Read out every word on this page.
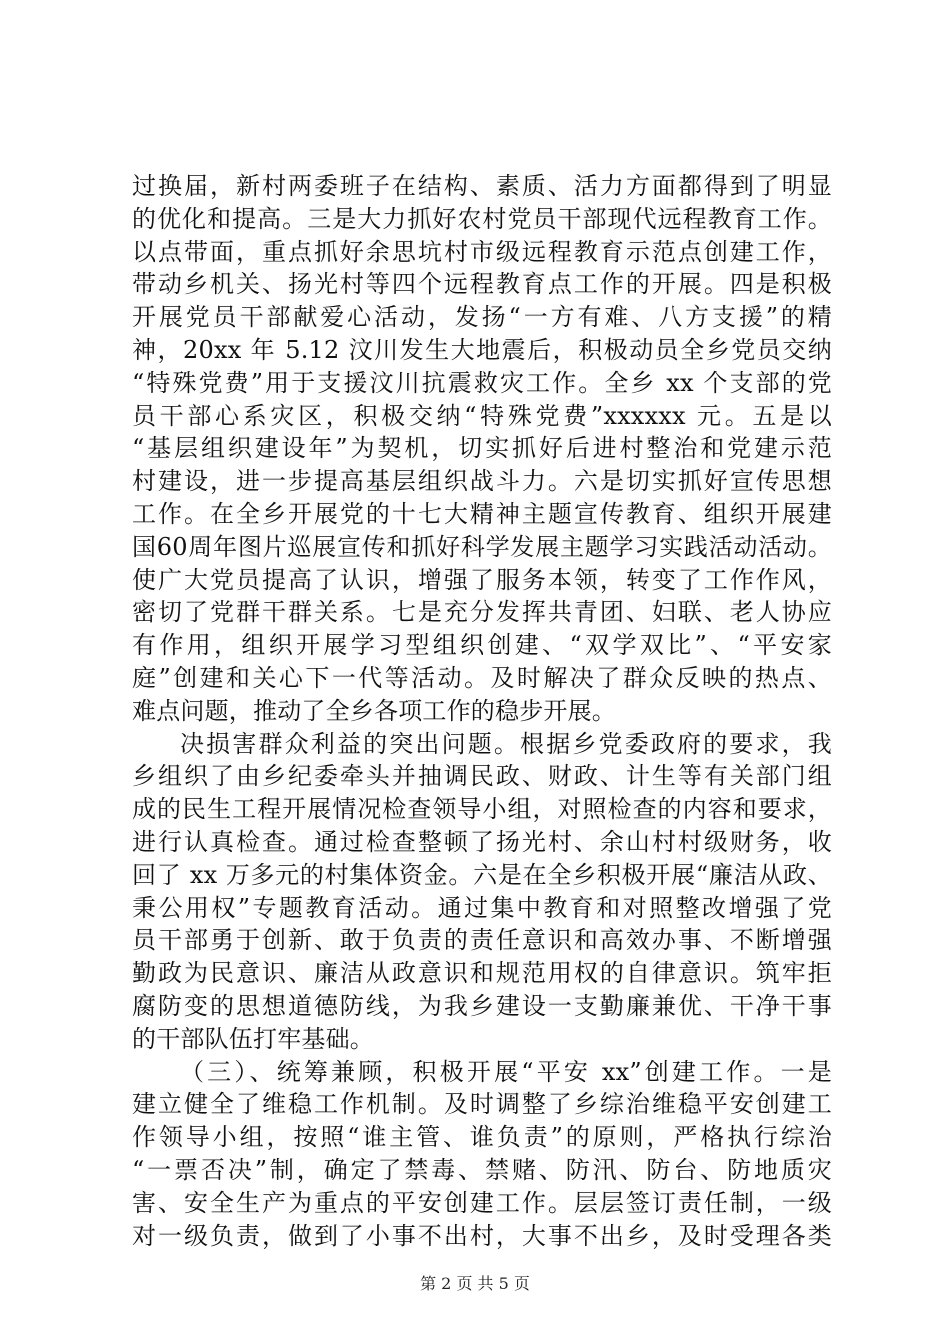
过换届，新村两委班子在结构、素质、活力方面都得到了明显
的优化和提高。三是大力抓好农村党员干部现代远程教育工作。
以点带面，重点抓好余思坑村市级远程教育示范点创建工作，
带动乡机关、扬光村等四个远程教育点工作的开展。四是积极
开展党员干部献爱心活动，发扬“一方有难、八方支援”的精
神，20xx 年 5.12 汶川发生大地震后，积极动员全乡党员交纳
“特殊党费”用于支援汶川抗震救灾工作。全乡 xx 个支部的党
员干部心系灾区，积极交纳“特殊党费”xxxxxx 元。五是以
“基层组织建设年”为契机，切实抓好后进村整治和党建示范
村建设，进一步提高基层组织战斗力。六是切实抓好宣传思想
工作。在全乡开展党的十七大精神主题宣传教育、组织开展建
国60周年图片巡展宣传和抓好科学发展主题学习实践活动活动。
使广大党员提高了认识，增强了服务本领，转变了工作作风，
密切了党群干群关系。七是充分发挥共青团、妇联、老人协应
有作用，组织开展学习型组织创建、“双学双比”、“平安家
庭”创建和关心下一代等活动。及时解决了群众反映的热点、
难点问题，推动了全乡各项工作的稳步开展。
决损害群众利益的突出问题。根据乡党委政府的要求，我
乡组织了由乡纪委牵头并抽调民政、财政、计生等有关部门组
成的民生工程开展情况检查领导小组，对照检查的内容和要求，
进行认真检查。通过检查整顿了扬光村、余山村村级财务，收
回了 xx 万多元的村集体资金。六是在全乡积极开展“廉洁从政、
秉公用权”专题教育活动。通过集中教育和对照整改增强了党
员干部勇于创新、敢于负责的责任意识和高效办事、不断增强
勤政为民意识、廉洁从政意识和规范用权的自律意识。筑牢拒
腐防变的思想道德防线，为我乡建设一支勤廉兼优、干净干事
的干部队伍打牢基础。
（三）、统筹兼顾，积极开展“平安 xx”创建工作。一是
建立健全了维稳工作机制。及时调整了乡综治维稳平安创建工
作领导小组，按照“谁主管、谁负责”的原则，严格执行综治
“一票否决”制，确定了禁毒、禁赌、防汛、防台、防地质灾
害、安全生产为重点的平安创建工作。层层签订责任制，一级
对一级负责，做到了小事不出村，大事不出乡，及时受理各类
第 2 页 共 5 页
